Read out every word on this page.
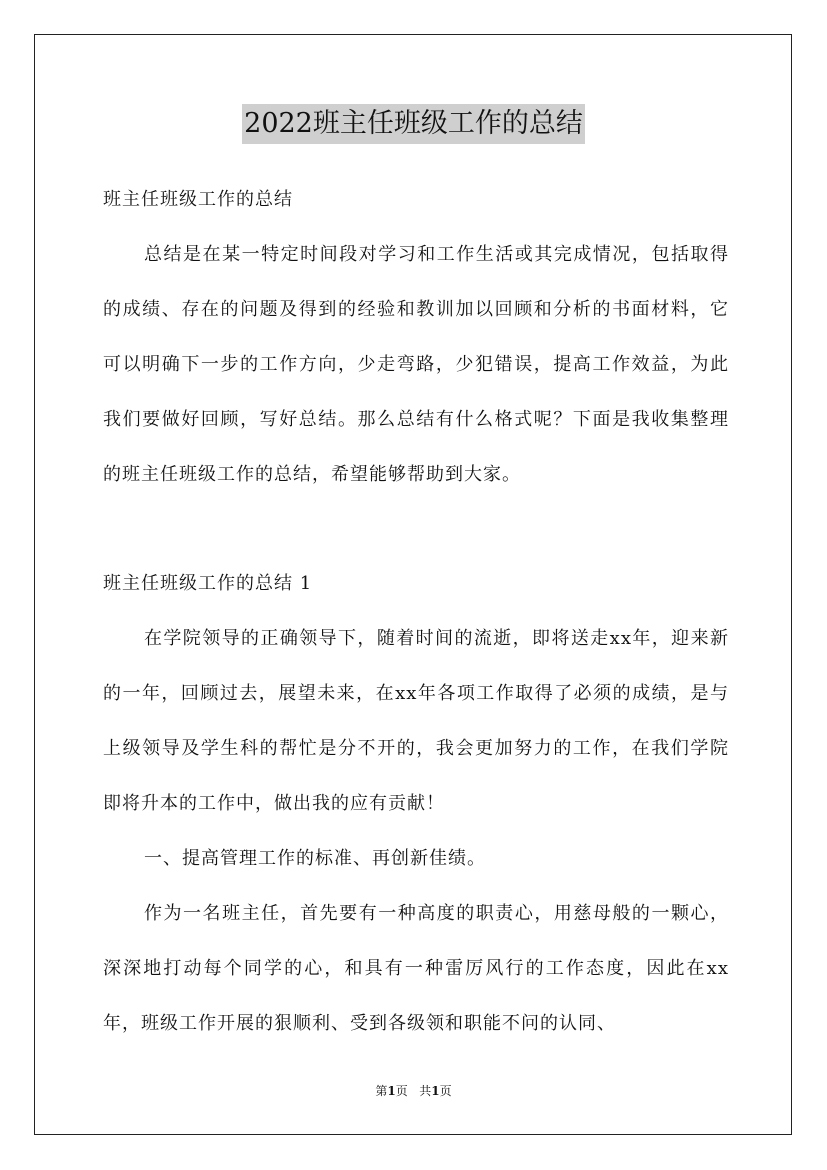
2022班主任班级工作的总结

班主任班级工作的总结

总结是在某一特定时间段对学习和工作生活或其完成情况，包括取得的成绩、存在的问题及得到的经验和教训加以回顾和分析的书面材料，它可以明确下一步的工作方向，少走弯路，少犯错误，提高工作效益，为此我们要做好回顾，写好总结。那么总结有什么格式呢？下面是我收集整理的班主任班级工作的总结，希望能够帮助到大家。

班主任班级工作的总结 1

在学院领导的正确领导下，随着时间的流逝，即将送走xx年，迎来新的一年，回顾过去，展望未来，在xx年各项工作取得了必须的成绩，是与上级领导及学生科的帮忙是分不开的，我会更加努力的工作，在我们学院即将升本的工作中，做出我的应有贡献！

一、提高管理工作的标准、再创新佳绩。

作为一名班主任，首先要有一种高度的职责心，用慈母般的一颗心，深深地打动每个同学的心，和具有一种雷厉风行的工作态度，因此在xx年，班级工作开展的狠顺利、受到各级领和职能不问的认同、

第1页 共1页
